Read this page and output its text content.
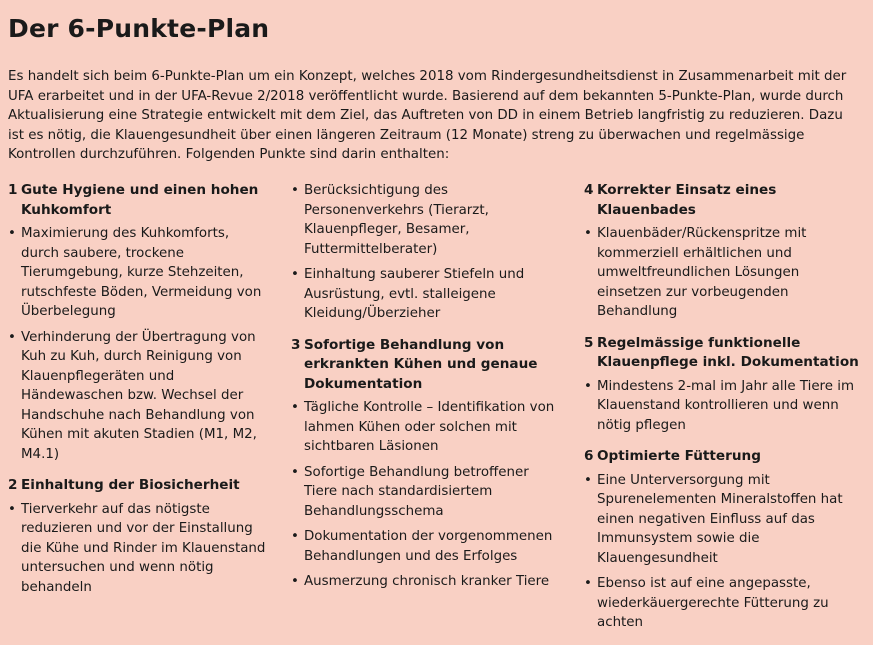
Der 6-Punkte-Plan

Es handelt sich beim 6-Punkte-Plan um ein Konzept, welches 2018 vom Rindergesundheitsdienst in Zusammenarbeit mit der UFA erarbeitet und in der UFA-Revue 2/2018 veröffentlicht wurde. Basierend auf dem bekannten 5-Punkte-Plan, wurde durch Aktualisierung eine Strategie entwickelt mit dem Ziel, das Auftreten von DD in einem Betrieb langfristig zu reduzieren. Dazu ist es nötig, die Klauengesundheit über einen längeren Zeitraum (12 Monate) streng zu überwachen und regelmässige Kontrollen durchzuführen. Folgenden Punkte sind darin enthalten:

1 Gute Hygiene und einen hohen Kuhkomfort
• Maximierung des Kuhkomforts, durch saubere, trockene Tierumgebung, kurze Stehzeiten, rutschfeste Böden, Vermeidung von Überbelegung
• Verhinderung der Übertragung von Kuh zu Kuh, durch Reinigung von Klauenpflegeräten und Händewaschen bzw. Wechsel der Handschuhe nach Behandlung von Kühen mit akuten Stadien (M1, M2, M4.1)
2 Einhaltung der Biosicherheit
• Tierverkehr auf das nötigste reduzieren und vor der Einstallung die Kühe und Rinder im Klauenstand untersuchen und wenn nötig behandeln
• Berücksichtigung des Personenverkehrs (Tierarzt, Klauenpfleger, Besamer, Futtermittelberater)
• Einhaltung sauberer Stiefeln und Ausrüstung, evtl. stalleigene Kleidung/Überzieher
3 Sofortige Behandlung von erkrankten Kühen und genaue Dokumentation
• Tägliche Kontrolle – Identifikation von lahmen Kühen oder solchen mit sichtbaren Läsionen
• Sofortige Behandlung betroffener Tiere nach standardisiertem Behandlungsschema
• Dokumentation der vorgenommenen Behandlungen und des Erfolges
• Ausmerzung chronisch kranker Tiere
4 Korrekter Einsatz eines Klauenbades
• Klauenbäder/Rückenspritze mit kommerziell erhältlichen und umweltfreundlichen Lösungen einsetzen zur vorbeugenden Behandlung
5 Regelmässige funktionelle Klauenpflege inkl. Dokumentation
• Mindestens 2-mal im Jahr alle Tiere im Klauenstand kontrollieren und wenn nötig pflegen
6 Optimierte Fütterung
• Eine Unterversorgung mit Spurenelementen Mineralstoffen hat einen negativen Einfluss auf das Immunsystem sowie die Klauengesundheit
• Ebenso ist auf eine angepasste, wiederkäuergerechte Fütterung zu achten
